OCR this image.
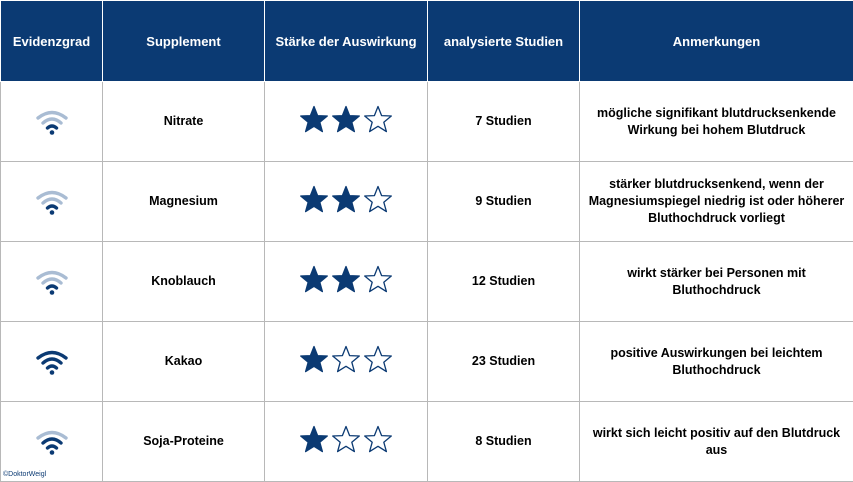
Evidenzgrad	Supplement	Stärke der Auswirkung	analysierte Studien	Anmerkungen
	Nitrate		7 Studien	mögliche signifikant blutdrucksenkende Wirkung bei hohem Blutdruck
	Magnesium		9 Studien	stärker blutdrucksenkend, wenn der Magnesiumspiegel niedrig ist oder höherer Bluthochdruck vorliegt
	Knoblauch		12 Studien	wirkt stärker bei Personen mit Bluthochdruck
	Kakao		23 Studien	positive Auswirkungen bei leichtem Bluthochdruck
	Soja-Proteine		8 Studien	wirkt sich leicht positiv auf den Blutdruck aus
©DoktorWeigl
